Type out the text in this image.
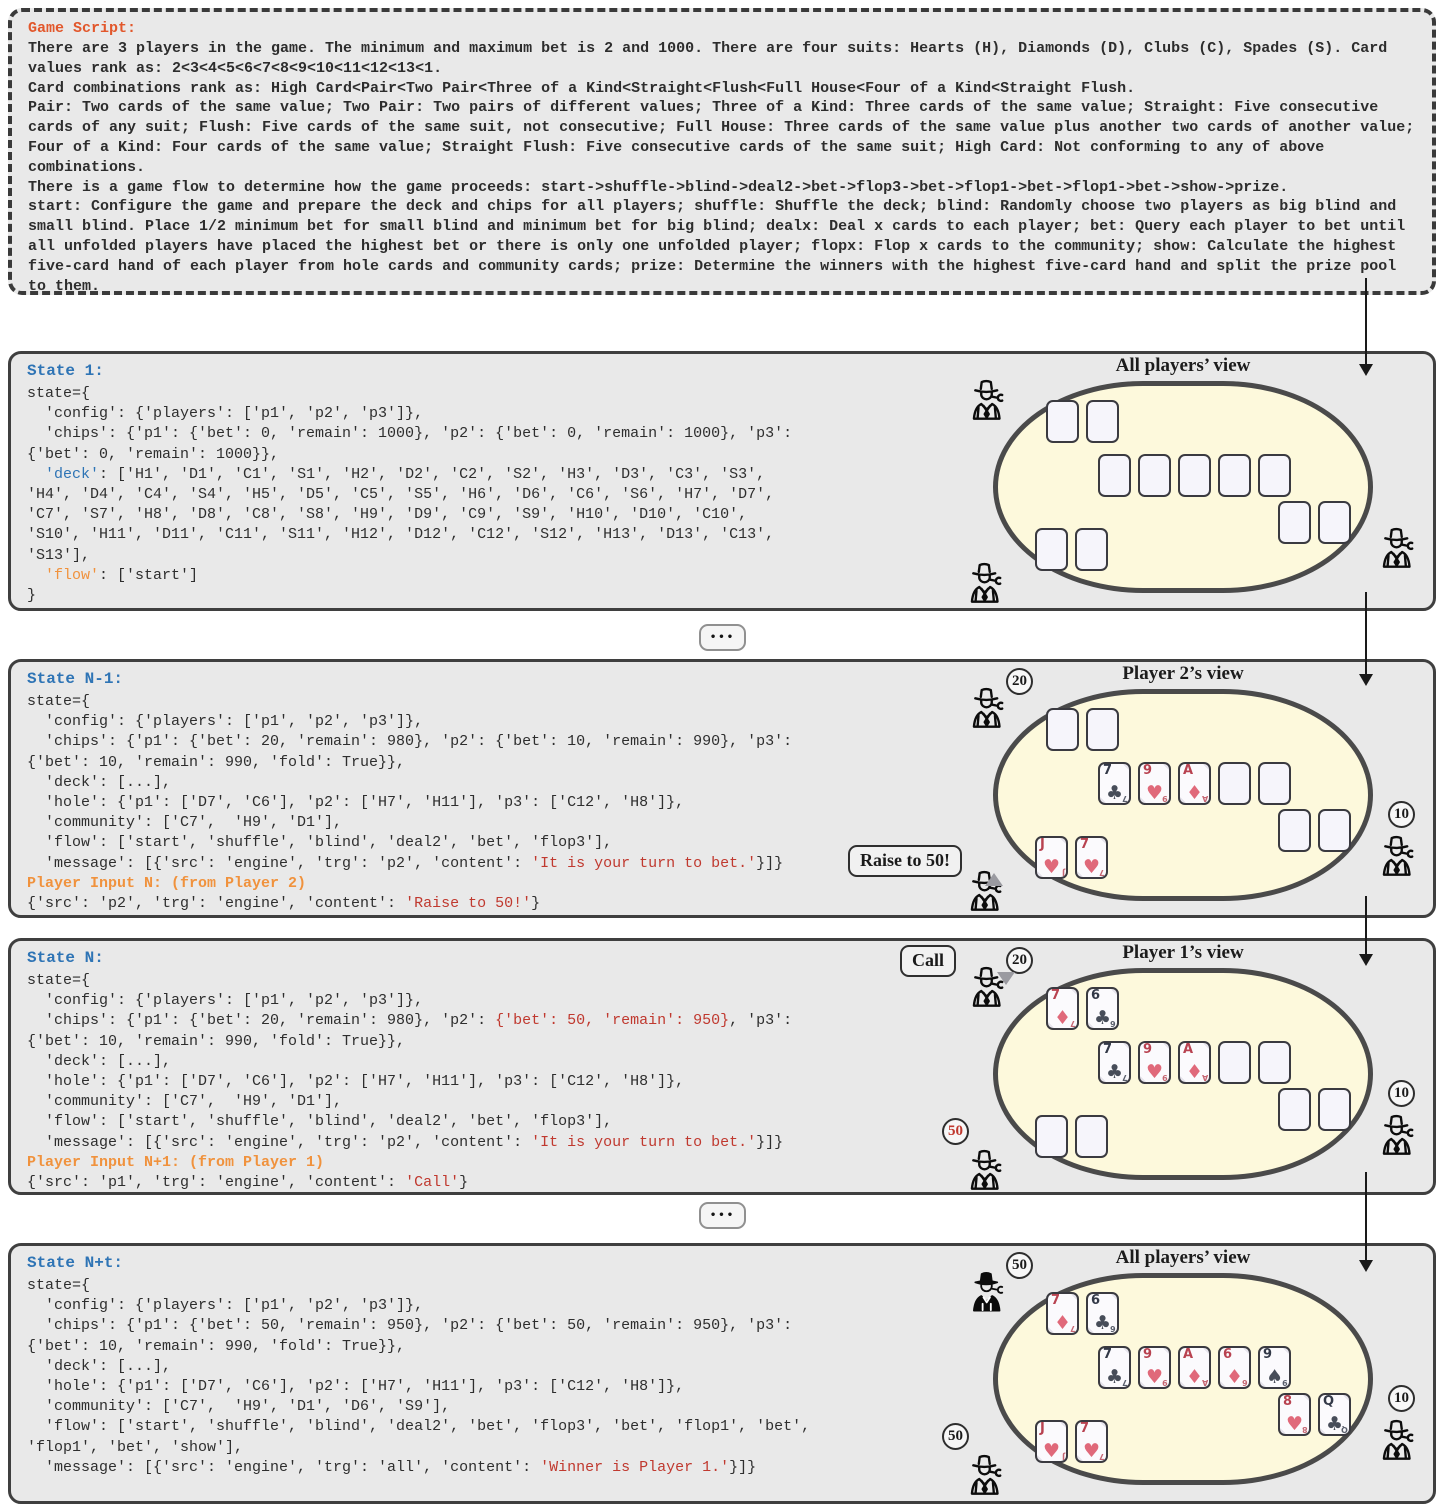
Game Script:
There are 3 players in the game. The minimum and maximum bet is 2 and 1000. There are four suits: Hearts (H), Diamonds (D), Clubs (C), Spades (S). Card values rank as: 2<3<4<5<6<7<8<9<10<11<12<13<1.
Card combinations rank as: High Card<Pair<Two Pair<Three of a Kind<Straight<Flush<Full House<Four of a Kind<Straight Flush.
Pair: Two cards of the same value; Two Pair: Two pairs of different values; Three of a Kind: Three cards of the same value; Straight: Five consecutive cards of any suit; Flush: Five cards of the same suit, not consecutive; Full House: Three cards of the same value plus another two cards of another value; Four of a Kind: Four cards of the same value; Straight Flush: Five consecutive cards of the same suit; High Card: Not conforming to any of above combinations.
There is a game flow to determine how the game proceeds: start->shuffle->blind->deal2->bet->flop3->bet->flop1->bet->flop1->bet->show->prize.
start: Configure the game and prepare the deck and chips for all players; shuffle: Shuffle the deck; blind: Randomly choose two players as big blind and small blind. Place 1/2 minimum bet for small blind and minimum bet for big blind; dealx: Deal x cards to each player; bet: Query each player to bet until all unfolded players have placed the highest bet or there is only one unfolded player; flopx: Flop x cards to the community; show: Calculate the highest five-card hand of each player from hole cards and community cards; prize: Determine the winners with the highest five-card hand and split the prize pool to them.
•••
•••
State 1:
state={
'config': {'players': ['p1', 'p2', 'p3']},
'chips': {'p1': {'bet': 0, 'remain': 1000}, 'p2': {'bet': 0, 'remain': 1000}, 'p3':
{'bet': 0, 'remain': 1000}},
'deck': ['H1', 'D1', 'C1', 'S1', 'H2', 'D2', 'C2', 'S2', 'H3', 'D3', 'C3', 'S3',
'H4', 'D4', 'C4', 'S4', 'H5', 'D5', 'C5', 'S5', 'H6', 'D6', 'C6', 'S6', 'H7', 'D7',
'C7', 'S7', 'H8', 'D8', 'C8', 'S8', 'H9', 'D9', 'C9', 'S9', 'H10', 'D10', 'C10',
'S10', 'H11', 'D11', 'C11', 'S11', 'H12', 'D12', 'C12', 'S12', 'H13', 'D13', 'C13',
'S13'],
'flow': ['start']
}
All players’ view
State N-1:
state={
'config': {'players': ['p1', 'p2', 'p3']},
'chips': {'p1': {'bet': 20, 'remain': 980}, 'p2': {'bet': 10, 'remain': 990}, 'p3':
{'bet': 10, 'remain': 990, 'fold': True}},
'deck': [...],
'hole': {'p1': ['D7', 'C6'], 'p2': ['H7', 'H11'], 'p3': ['C12', 'H8']},
'community': ['C7',  'H9', 'D1'],
'flow': ['start', 'shuffle', 'blind', 'deal2', 'bet', 'flop3'],
'message': [{'src': 'engine', 'trg': 'p2', 'content': 'It is your turn to bet.'}]}
Player Input N: (from Player 2)
{'src': 'p2', 'trg': 'engine', 'content': 'Raise to 50!'}
Player 2’s view
7
♣ 7
9
♥ 9
A
♦
A
J
♥ J
7
♥ 7
20
10
Raise to 50!
State N:
state={
'config': {'players': ['p1', 'p2', 'p3']},
'chips': {'p1': {'bet': 20, 'remain': 980}, 'p2': {'bet': 50, 'remain': 950}, 'p3':
{'bet': 10, 'remain': 990, 'fold': True}},
'deck': [...],
'hole': {'p1': ['D7', 'C6'], 'p2': ['H7', 'H11'], 'p3': ['C12', 'H8']},
'community': ['C7',  'H9', 'D1'],
'flow': ['start', 'shuffle', 'blind', 'deal2', 'bet', 'flop3'],
'message': [{'src': 'engine', 'trg': 'p2', 'content': 'It is your turn to bet.'}]}
Player Input N+1: (from Player 1)
{'src': 'p1', 'trg': 'engine', 'content': 'Call'}
Player 1’s view
7
♦ 7
6
♣ 6
7
♣ 7
9
♥ 9
A
♦
A
20
50
10
Call
State N+t:
state={
'config': {'players': ['p1', 'p2', 'p3']},
'chips': {'p1': {'bet': 50, 'remain': 950}, 'p2': {'bet': 50, 'remain': 950}, 'p3':
{'bet': 10, 'remain': 990, 'fold': True}},
'deck': [...],
'hole': {'p1': ['D7', 'C6'], 'p2': ['H7', 'H11'], 'p3': ['C12', 'H8']},
'community': ['C7',  'H9', 'D1', 'D6', 'S9'],
'flow': ['start', 'shuffle', 'blind', 'deal2', 'bet', 'flop3', 'bet', 'flop1', 'bet',
'flop1', 'bet', 'show'],
'message': [{'src': 'engine', 'trg': 'all', 'content': 'Winner is Player 1.'}]}
All players’ view
7
♦ 7
6
♣ 6
7
♣ 7
9
♥ 9
A
♦
A
6
♦ 6
9
♠ 9
8
♥ 8
Q
♣
Q
J
♥ J
7
♥ 7
50
50
10
